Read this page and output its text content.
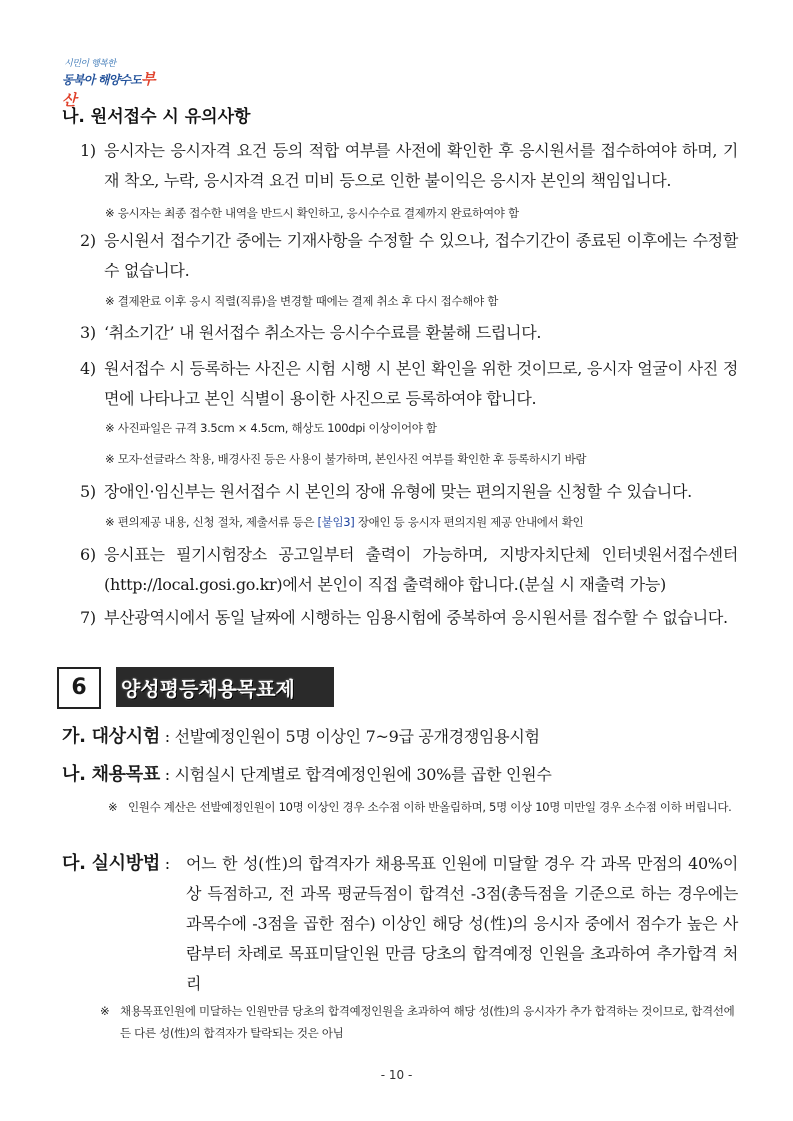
시민이 행복한
동북아 해양수도부산
나. 원서접수 시 유의사항
1) 응시자는 응시자격 요건 등의 적합 여부를 사전에 확인한 후 응시원서를 접수하여야 하며, 기재 착오, 누락, 응시자격 요건 미비 등으로 인한 불이익은 응시자 본인의 책임입니다.
※ 응시자는 최종 접수한 내역을 반드시 확인하고, 응시수수료 결제까지 완료하여야 함
2) 응시원서 접수기간 중에는 기재사항을 수정할 수 있으나, 접수기간이 종료된 이후에는 수정할 수 없습니다.
※ 결제완료 이후 응시 직렬(직류)을 변경할 때에는 결제 취소 후 다시 접수해야 함
3) ‘취소기간’ 내 원서접수 취소자는 응시수수료를 환불해 드립니다.
4) 원서접수 시 등록하는 사진은 시험 시행 시 본인 확인을 위한 것이므로, 응시자 얼굴이 사진 정면에 나타나고 본인 식별이 용이한 사진으로 등록하여야 합니다.
※ 사진파일은 규격 3.5cm × 4.5cm, 해상도 100dpi 이상이어야 함
※ 모자·선글라스 착용, 배경사진 등은 사용이 불가하며, 본인사진 여부를 확인한 후 등록하시기 바람
5) 장애인·임신부는 원서접수 시 본인의 장애 유형에 맞는 편의지원을 신청할 수 있습니다.
※ 편의제공 내용, 신청 절차, 제출서류 등은 [붙임3] 장애인 등 응시자 편의지원 제공 안내에서 확인
6) 응시표는 필기시험장소 공고일부터 출력이 가능하며, 지방자치단체 인터넷원서접수센터 (http://local.gosi.go.kr)에서 본인이 직접 출력해야 합니다.(분실 시 재출력 가능)
7) 부산광역시에서 동일 날짜에 시행하는 임용시험에 중복하여 응시원서를 접수할 수 없습니다.
6	양성평등채용목표제
가. 대상시험 : 선발예정인원이 5명 이상인 7~9급 공개경쟁임용시험
나. 채용목표 : 시험실시 단계별로 합격예정인원에 30%를 곱한 인원수
※ 인원수 계산은 선발예정인원이 10명 이상인 경우 소수점 이하 반올림하며, 5명 이상 10명 미만일 경우 소수점 이하 버립니다.
다. 실시방법 : 어느 한 성(性)의 합격자가 채용목표 인원에 미달할 경우 각 과목 만점의 40%이상 득점하고, 전 과목 평균득점이 합격선 -3점(총득점을 기준으로 하는 경우에는 과목수에 -3점을 곱한 점수) 이상인 해당 성(性)의 응시자 중에서 점수가 높은 사람부터 차례로 목표미달인원 만큼 당초의 합격예정 인원을 초과하여 추가합격 처리
※ 채용목표인원에 미달하는 인원만큼 당초의 합격예정인원을 초과하여 해당 성(性)의 응시자가 추가 합격하는 것이므로, 합격선에 든 다른 성(性)의 합격자가 탈락되는 것은 아님
- 10 -
